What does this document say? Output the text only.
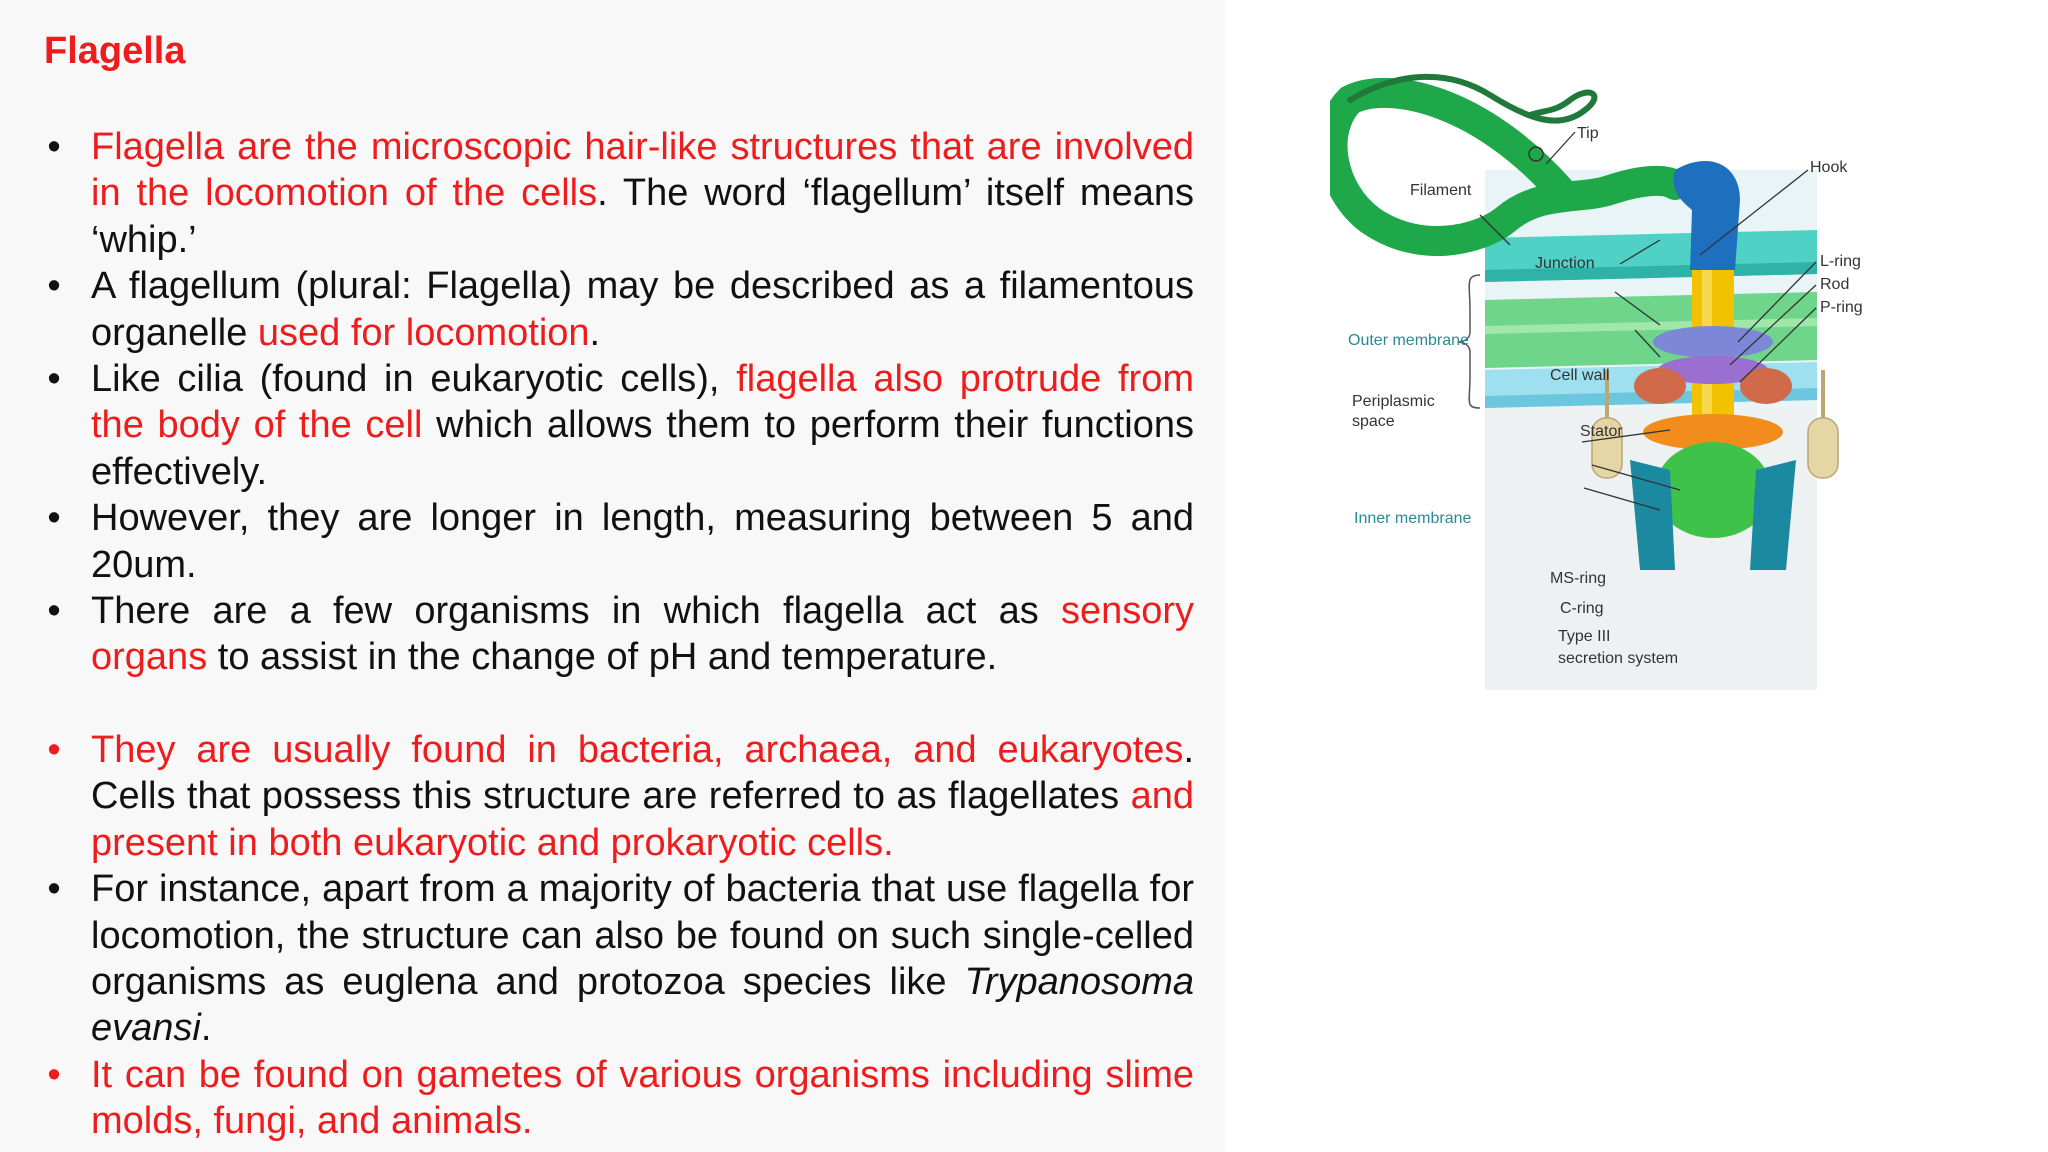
Flagella
• Flagella are the microscopic hair-like structures that are involved in the locomotion of the cells. The word ‘flagellum’ itself means ‘whip.’
• A flagellum (plural: Flagella) may be described as a filamentous organelle used for locomotion.
• Like cilia (found in eukaryotic cells), flagella also protrude from the body of the cell which allows them to perform their functions effectively.
• However, they are longer in length, measuring between 5 and 20um.
• There are a few organisms in which flagella act as sensory organs to assist in the change of pH and temperature.
• They are usually found in bacteria, archaea, and eukaryotes. Cells that possess this structure are referred to as flagellates and present in both eukaryotic and prokaryotic cells.
• For instance, apart from a majority of bacteria that use flagella for locomotion, the structure can also be found on such single-celled organisms as euglena and protozoa species like Trypanosoma evansi.
• It can be found on gametes of various organisms including slime molds, fungi, and animals.
Tip
Hook
Filament
Junction	L-ring
Rod
P-ring
Outer membrane
Cell wall
Periplasmic
space
Stator
Inner membrane
MS-ring
C-ring
Type III
secretion system
